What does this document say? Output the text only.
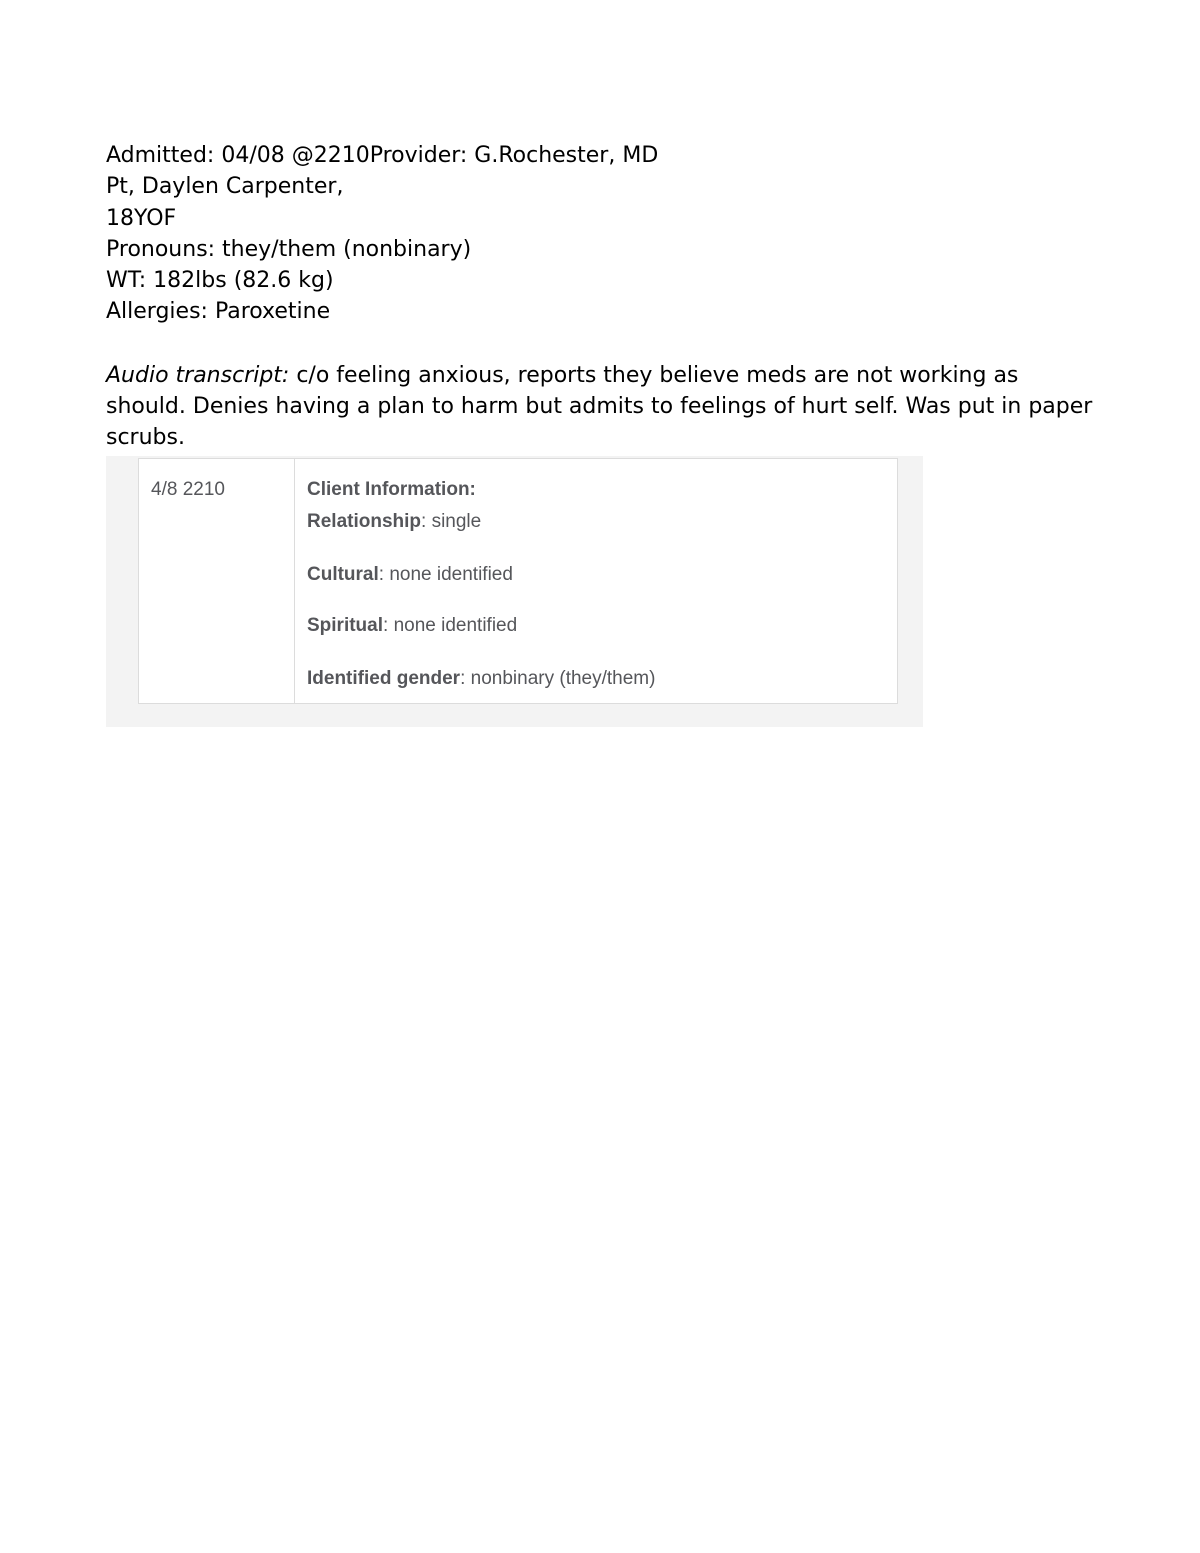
Admitted: 04/08 @2210Provider: G.Rochester, MD
Pt, Daylen Carpenter,
18YOF
Pronouns: they/them (nonbinary)
WT: 182lbs (82.6 kg)
Allergies: Paroxetine
Audio transcript: c/o feeling anxious, reports they believe meds are not working as should. Denies having a plan to harm but admits to feelings of hurt self. Was put in paper scrubs.
4/8 2210	Client Information:
Relationship: single
Cultural: none identified
Spiritual: none identified
Identified gender: nonbinary (they/them)
